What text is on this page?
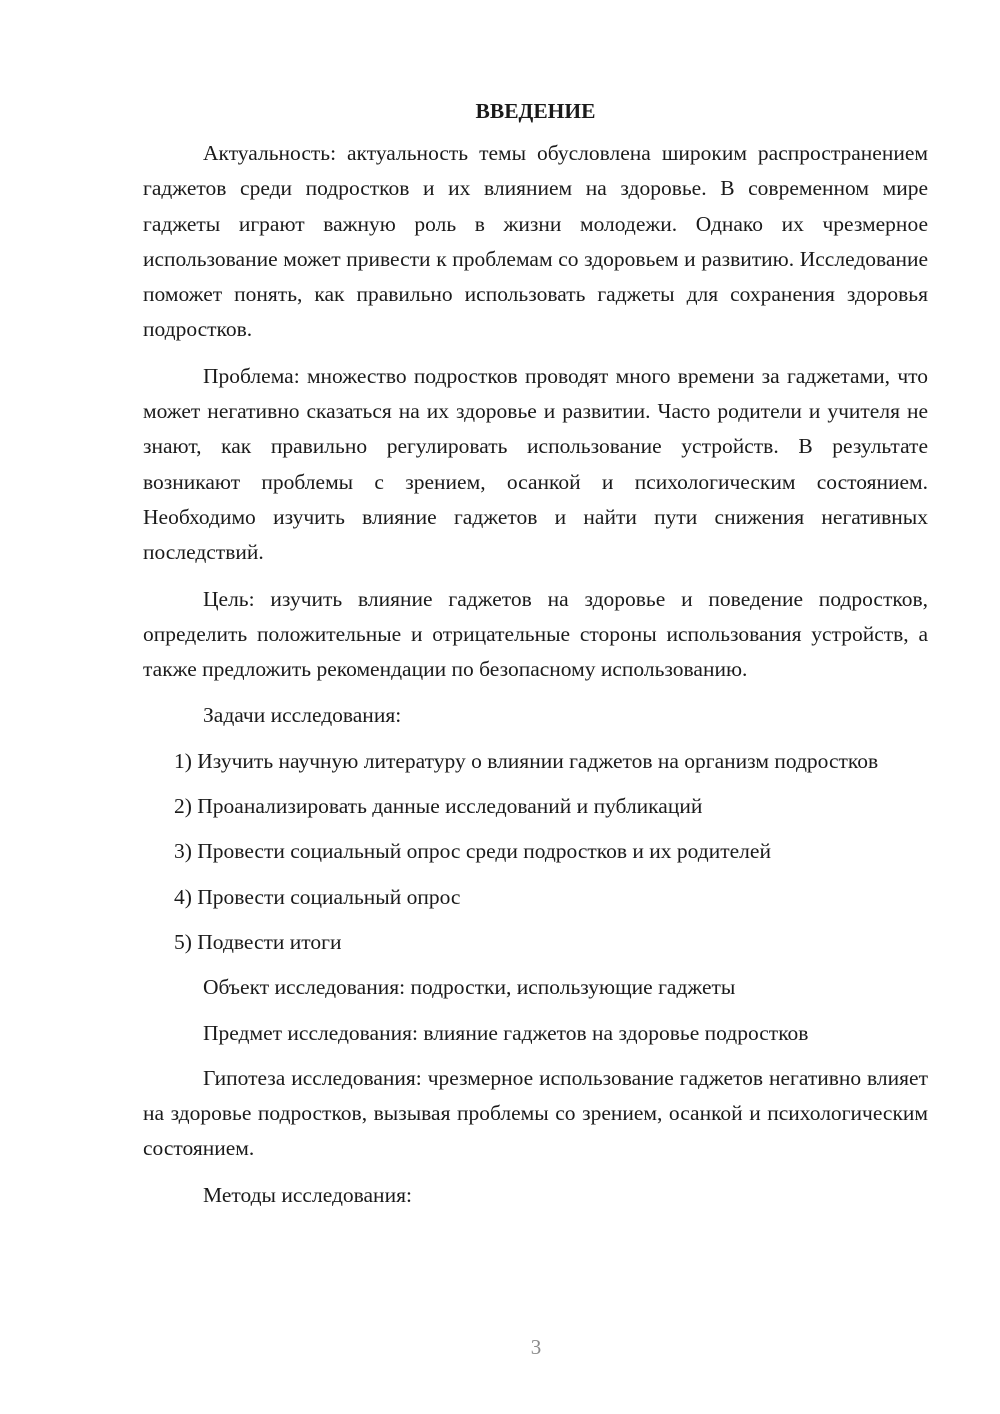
ВВЕДЕНИЕ

Актуальность: актуальность темы обусловлена широким распространением гаджетов среди подростков и их влиянием на здоровье. В современном мире гаджеты играют важную роль в жизни молодежи. Однако их чрезмерное использование может привести к проблемам со здоровьем и развитию. Исследование поможет понять, как правильно использовать гаджеты для сохранения здоровья подростков.

Проблема: множество подростков проводят много времени за гаджетами, что может негативно сказаться на их здоровье и развитии. Часто родители и учителя не знают, как правильно регулировать использование устройств. В результате возникают проблемы с зрением, осанкой и психологическим состоянием. Необходимо изучить влияние гаджетов и найти пути снижения негативных последствий.

Цель: изучить влияние гаджетов на здоровье и поведение подростков, определить положительные и отрицательные стороны использования устройств, а также предложить рекомендации по безопасному использованию.

Задачи исследования:

1) Изучить научную литературу о влиянии гаджетов на организм подростков

2) Проанализировать данные исследований и публикаций

3) Провести социальный опрос среди подростков и их родителей

4) Провести социальный опрос

5) Подвести итоги

Объект исследования: подростки, использующие гаджеты

Предмет исследования: влияние гаджетов на здоровье подростков

Гипотеза исследования: чрезмерное использование гаджетов негативно влияет на здоровье подростков, вызывая проблемы со зрением, осанкой и психологическим состоянием.

Методы исследования:

3
